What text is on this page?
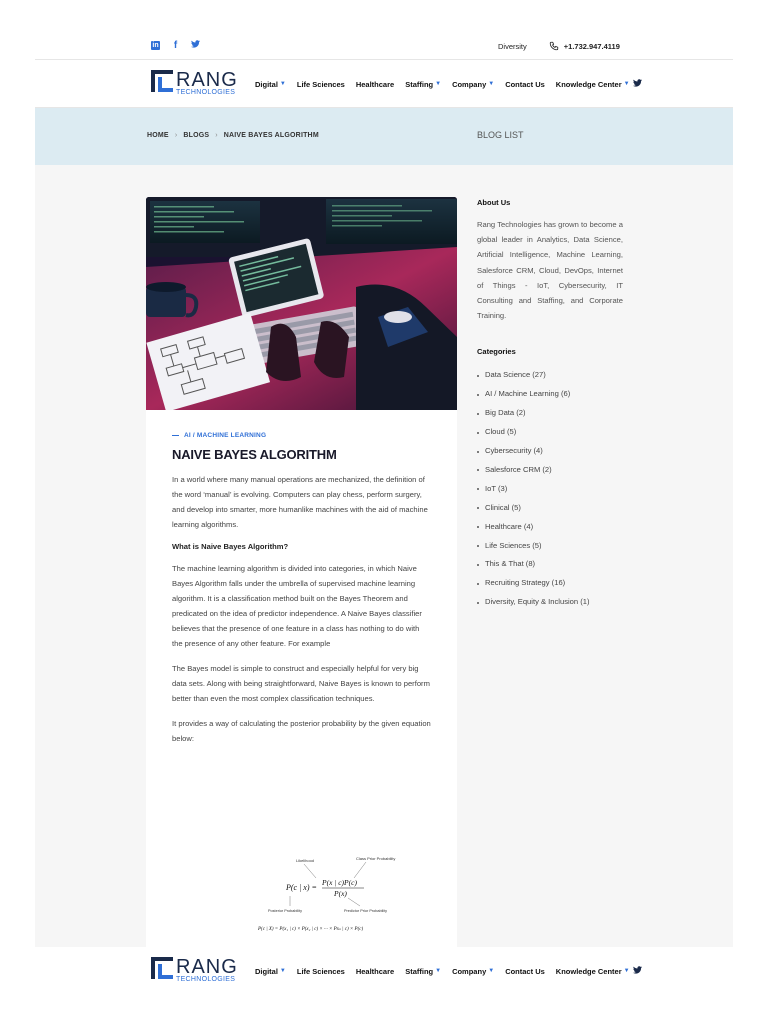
in f	Diversity	+1.732.947.4119
RANG
TECHNOLOGIES
Digital ▼ Life Sciences Healthcare Staffing ▼ Company ▼ Contact Us Knowledge Center ▼
HOME › BLOGS › NAIVE BAYES ALGORITHM	BLOG LIST
AI / MACHINE LEARNING
NAIVE BAYES ALGORITHM

In a world where many manual operations are mechanized, the definition of the word ‘manual’ is evolving. Computers can play chess, perform surgery, and develop into smarter, more humanlike machines with the aid of machine learning algorithms.

What is Naive Bayes Algorithm?

The machine learning algorithm is divided into categories, in which Naive Bayes Algorithm falls under the umbrella of supervised machine learning algorithm. It is a classification method built on the Bayes Theorem and predicated on the idea of predictor independence. A Naive Bayes classifier believes that the presence of one feature in a class has nothing to do with the presence of any other feature. For example

The Bayes model is simple to construct and especially helpful for very big data sets. Along with being straightforward, Naive Bayes is known to perform better than even the most complex classification techniques.

It provides a way of calculating the posterior probability by the given equation below:

Likelihood	Class Prior Probability
P(c | x) =
P(x | c)P(c)
P(x)
Posterior Probability	Predictor Prior Probability
P(c | X) = P(x₁ | c) × P(x₂ | c) × ··· × Pxₙ | c) × P(c)
About Us

Rang Technologies has grown to become a global leader in Analytics, Data Science, Artificial Intelligence, Machine Learning, Salesforce CRM, Cloud, DevOps, Internet of Things - IoT, Cybersecurity, IT Consulting and Staffing, and Corporate Training.

Categories
Data Science (27)
AI / Machine Learning (6)
Big Data (2)
Cloud (5)
Cybersecurity (4)
Salesforce CRM (2)
IoT (3)
Clinical (5)
Healthcare (4)
Life Sciences (5)
This & That (8)
Recruiting Strategy (16)
Diversity, Equity & Inclusion (1)
RANG
TECHNOLOGIES
Digital ▼ Life Sciences Healthcare Staffing ▼ Company ▼ Contact Us Knowledge Center ▼
